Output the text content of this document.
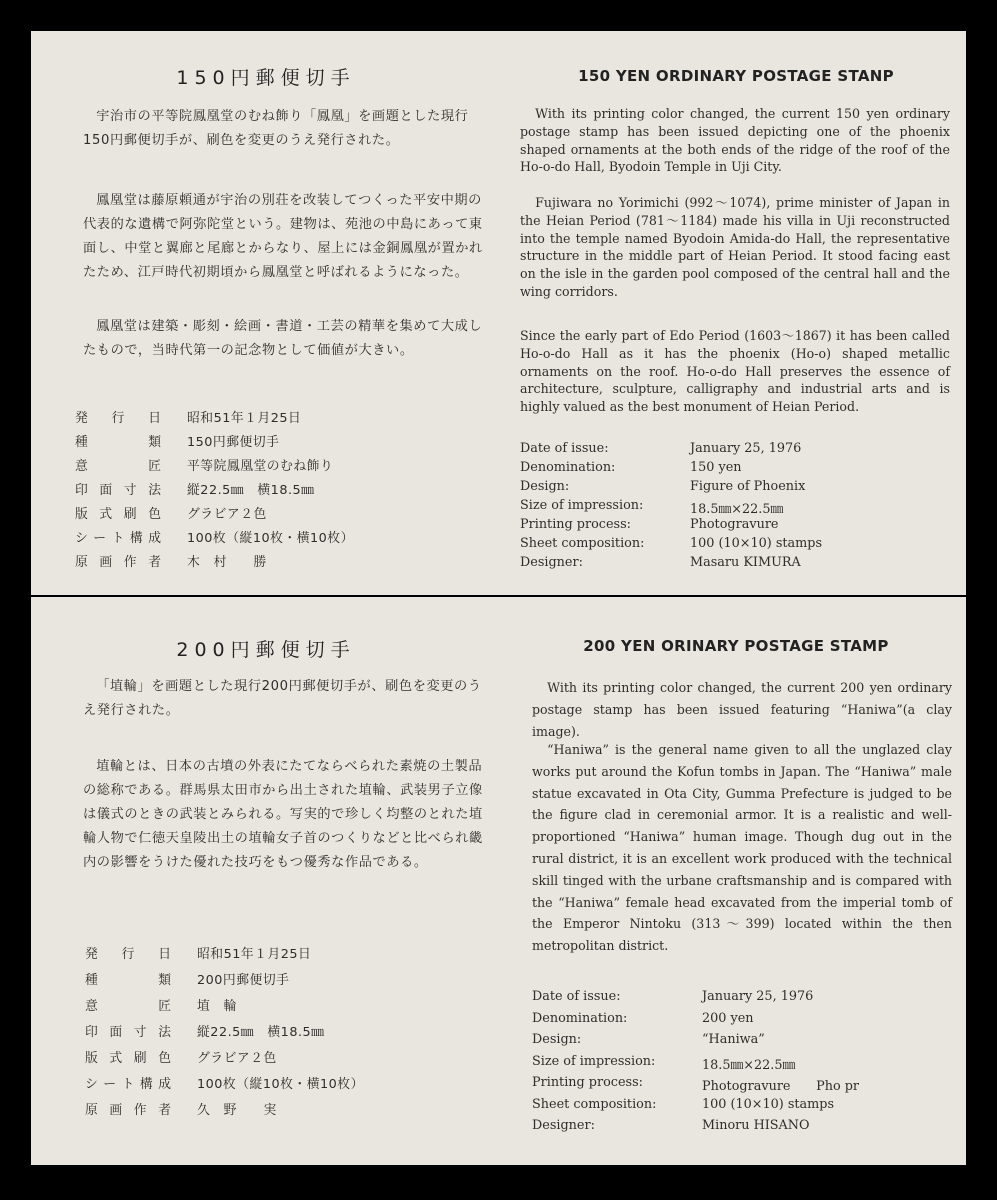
150円郵便切手

宇治市の平等院鳳凰堂のむね飾り「鳳凰」を画題とした現行150円郵便切手が、刷色を変更のうえ発行された。

鳳凰堂は藤原頼通が宇治の別荘を改装してつくった平安中期の代表的な遺構で阿弥陀堂という。建物は、苑池の中島にあって東面し、中堂と翼廊と尾廊とからなり、屋上には金銅鳳凰が置かれたため、江戸時代初期頃から鳳凰堂と呼ばれるようになった。

鳳凰堂は建築・彫刻・絵画・書道・工芸の精華を集めて大成したもので，当時代第一の記念物として価値が大きい。

発行日 昭和51年１月25日
種類 150円郵便切手
意匠 平等院鳳凰堂のむね飾り
印面寸法 縦22.5㎜　横18.5㎜
版式刷色 グラビア２色
シート構成 100枚（縦10枚・横10枚）
原画作者 木　村　　勝
150 YEN ORDINARY POSTAGE STANP

With its printing color changed, the current 150 yen ordinary postage stamp has been issued depicting one of the phoenix shaped ornaments at the both ends of the ridge of the roof of the Ho-o-do Hall, Byodoin Temple in Uji City.

Fujiwara no Yorimichi (992～1074), prime minister of Japan in the Heian Period (781～1184) made his villa in Uji reconstructed into the temple named Byodoin Amida-do Hall, the representative structure in the middle part of Heian Period. It stood facing east on the isle in the garden pool composed of the central hall and the wing corridors.

Since the early part of Edo Period (1603～1867) it has been called Ho-o-do Hall as it has the phoenix (Ho-o) shaped metallic ornaments on the roof. Ho-o-do Hall preserves the essence of architecture, sculpture, calligraphy and industrial arts and is highly valued as the best monument of Heian Period.

Date of issue:	January 25, 1976
Denomination:	150 yen
Design:	Figure of Phoenix
Size of impression:	18.5㎜×22.5㎜
Printing process:	Photogravure
Sheet composition:	100 (10×10) stamps
Designer:	Masaru KIMURA
200円郵便切手

「埴輪」を画題とした現行200円郵便切手が、刷色を変更のうえ発行された。

埴輪とは、日本の古墳の外表にたてならべられた素焼の土製品の総称である。群馬県太田市から出土された埴輪、武装男子立像は儀式のときの武装とみられる。写実的で珍しく均整のとれた埴輪人物で仁徳天皇陵出土の埴輪女子首のつくりなどと比べられ畿内の影響をうけた優れた技巧をもつ優秀な作品である。

発行日 昭和51年１月25日
種類 200円郵便切手
意匠 埴　輪
印面寸法 縦22.5㎜　横18.5㎜
版式刷色 グラビア２色
シート構成 100枚（縦10枚・横10枚）
原画作者 久　野　　実
200 YEN ORINARY POSTAGE STAMP

With its printing color changed, the current 200 yen ordinary postage stamp has been issued featuring “Haniwa”(a clay image).

“Haniwa” is the general name given to all the unglazed clay works put around the Kofun tombs in Japan. The “Haniwa” male statue excavated in Ota City, Gumma Prefecture is judged to be the figure clad in ceremonial armor. It is a realistic and well-proportioned “Haniwa” human image. Though dug out in the rural district, it is an excellent work produced with the technical skill tinged with the urbane craftsmanship and is compared with the “Haniwa” female head excavated from the imperial tomb of the Emperor Nintoku (313～399) located within the then metropolitan district.

Date of issue:	January 25, 1976
Denomination:	200 yen
Design:	“Haniwa”
Size of impression:	18.5㎜×22.5㎜
Printing process:	Photogravure　　Pho pr
Sheet composition:	100 (10×10) stamps
Designer:	Minoru HISANO
